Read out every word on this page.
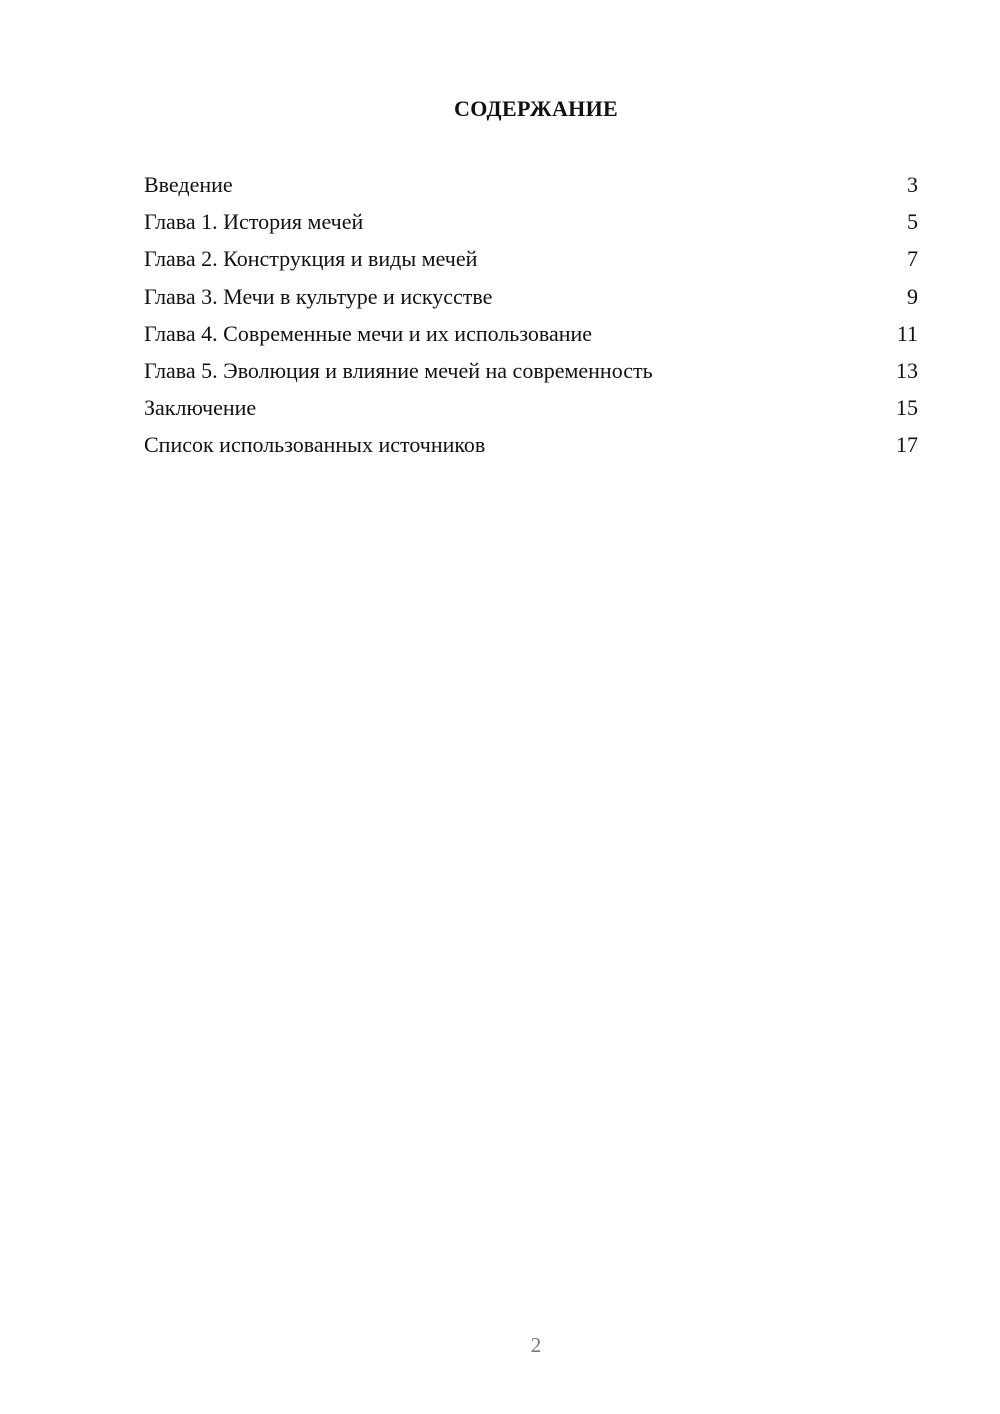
СОДЕРЖАНИЕ
Введение	3
Глава 1. История мечей	5
Глава 2. Конструкция и виды мечей	7
Глава 3. Мечи в культуре и искусстве	9
Глава 4. Современные мечи и их использование	11
Глава 5. Эволюция и влияние мечей на современность	13
Заключение	15
Список использованных источников	17
2
